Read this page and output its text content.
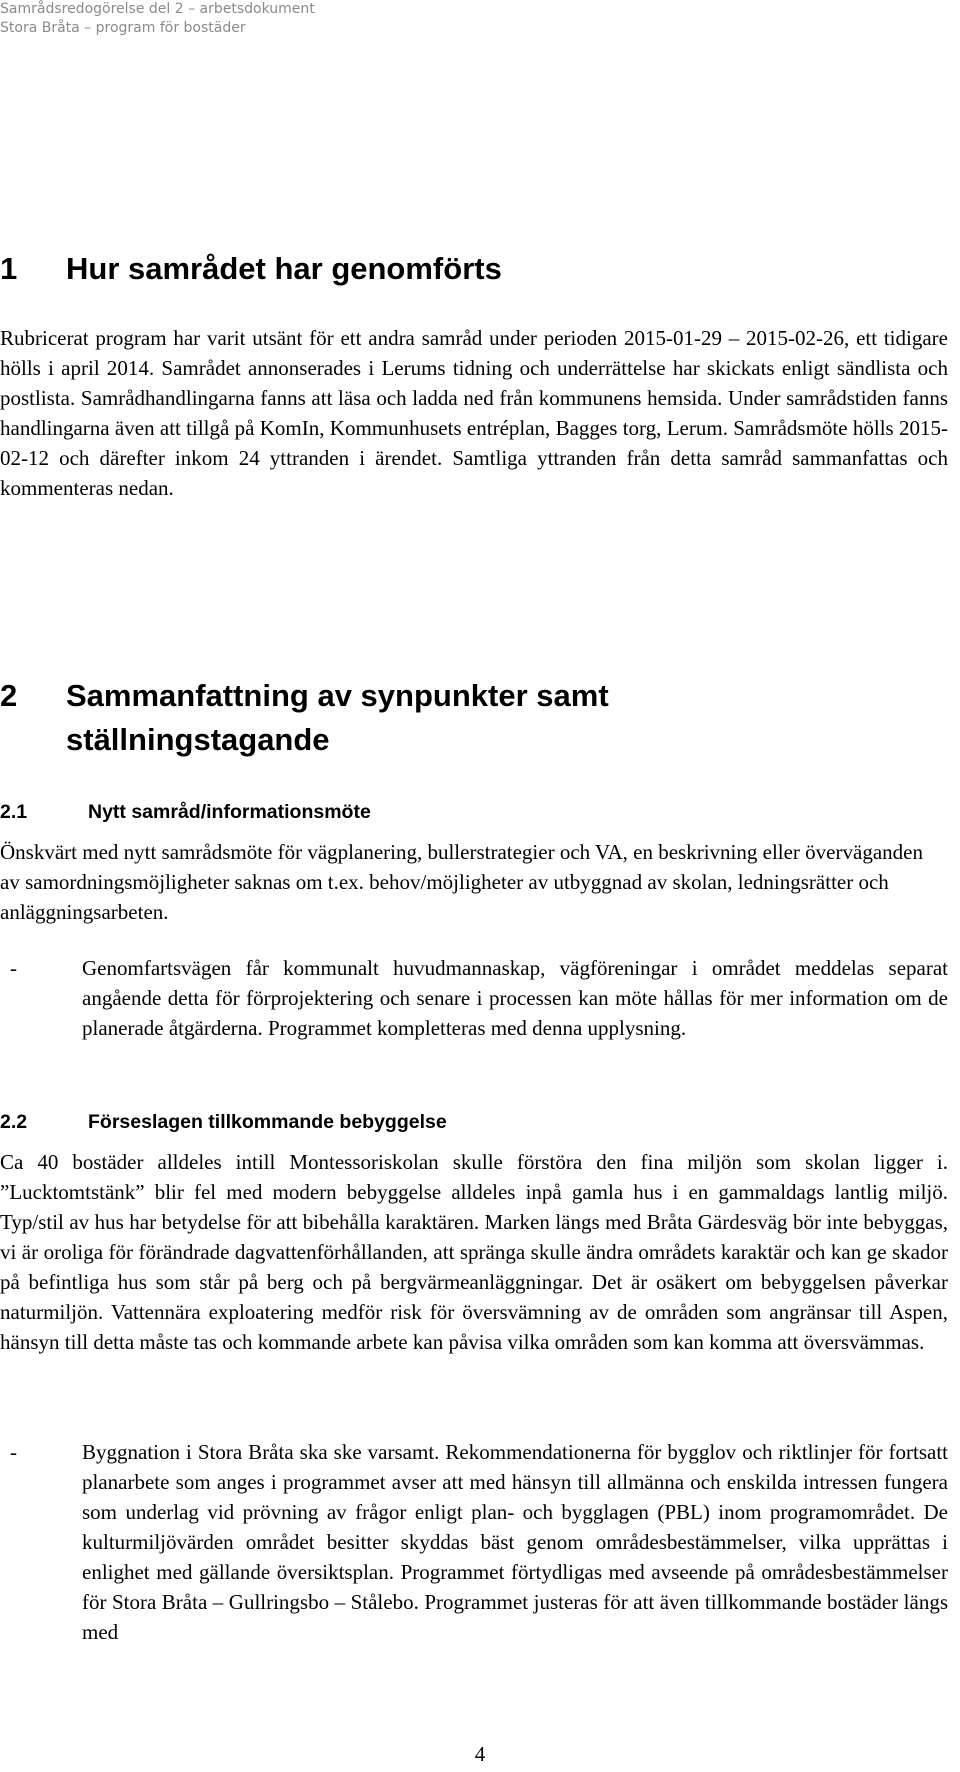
Samrådsredogörelse del 2 – arbetsdokument
Stora Bråta – program för bostäder
1 Hur samrådet har genomförts

Rubricerat program har varit utsänt för ett andra samråd under perioden 2015-01-29 – 2015-02-26, ett tidigare hölls i april 2014. Samrådet annonserades i Lerums tidning och underrättelse har skickats enligt sändlista och postlista. Samrådhandlingarna fanns att läsa och ladda ned från kommunens hemsida. Under samrådstiden fanns handlingarna även att tillgå på KomIn, Kommunhusets entréplan, Bagges torg, Lerum. Samrådsmöte hölls 2015-02-12 och därefter inkom 24 yttranden i ärendet. Samtliga yttranden från detta samråd sammanfattas och kommenteras nedan.

2 Sammanfattning av synpunkter samt ställningstagande
2.1	Nytt samråd/informationsmöte

Önskvärt med nytt samrådsmöte för vägplanering, bullerstrategier och VA, en beskrivning eller överväganden av samordningsmöjligheter saknas om t.ex. behov/möjligheter av utbyggnad av skolan, ledningsrätter och anläggningsarbeten.

-	Genomfartsvägen får kommunalt huvudmannaskap, vägföreningar i området meddelas separat angående detta för förprojektering och senare i processen kan möte hållas för mer information om de planerade åtgärderna. Programmet kompletteras med denna upplysning.
2.2	Förseslagen tillkommande bebyggelse

Ca 40 bostäder alldeles intill Montessoriskolan skulle förstöra den fina miljön som skolan ligger i. ”Lucktomtstänk” blir fel med modern bebyggelse alldeles inpå gamla hus i en gammaldags lantlig miljö. Typ/stil av hus har betydelse för att bibehålla karaktären. Marken längs med Bråta Gärdesväg bör inte bebyggas, vi är oroliga för förändrade dagvattenförhållanden, att spränga skulle ändra områdets karaktär och kan ge skador på befintliga hus som står på berg och på bergvärmeanläggningar. Det är osäkert om bebyggelsen påverkar naturmiljön. Vattennära exploatering medför risk för översvämning av de områden som angränsar till Aspen, hänsyn till detta måste tas och kommande arbete kan påvisa vilka områden som kan komma att översvämmas.

-	Byggnation i Stora Bråta ska ske varsamt. Rekommendationerna för bygglov och riktlinjer för fortsatt planarbete som anges i programmet avser att med hänsyn till allmänna och enskilda intressen fungera som underlag vid prövning av frågor enligt plan- och bygglagen (PBL) inom programområdet. De kulturmiljövärden området besitter skyddas bäst genom områdesbestämmelser, vilka upprättas i enlighet med gällande översiktsplan. Programmet förtydligas med avseende på områdesbestämmelser för Stora Bråta – Gullringsbo – Stålebo. Programmet justeras för att även tillkommande bostäder längs med
4
